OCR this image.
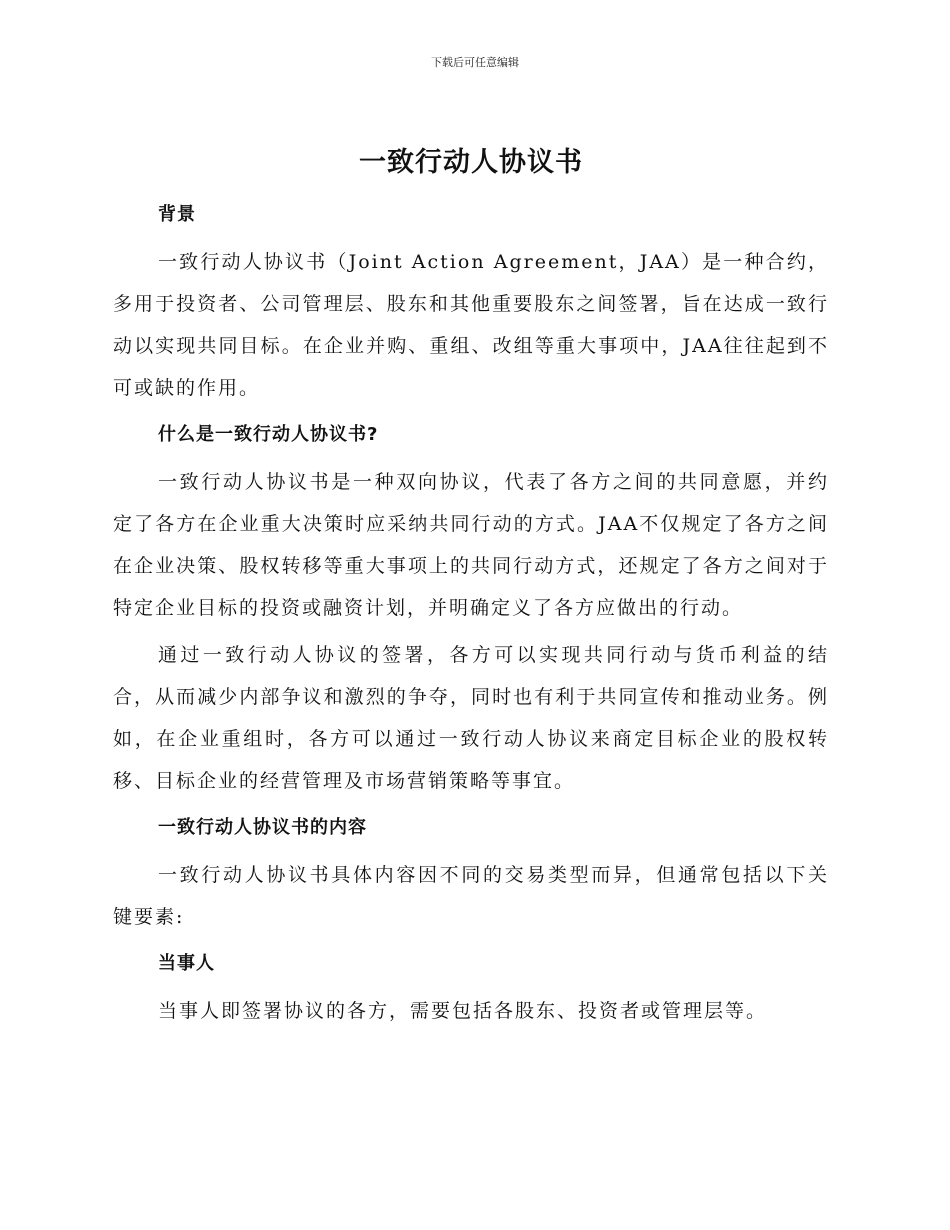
下载后可任意编辑
一致行动人协议书
背景

一致行动人协议书（Joint Action Agreement，JAA）是一种合约，多用于投资者、公司管理层、股东和其他重要股东之间签署，旨在达成一致行动以实现共同目标。在企业并购、重组、改组等重大事项中，JAA往往起到不可或缺的作用。

什么是一致行动人协议书?

一致行动人协议书是一种双向协议，代表了各方之间的共同意愿，并约定了各方在企业重大决策时应采纳共同行动的方式。JAA不仅规定了各方之间在企业决策、股权转移等重大事项上的共同行动方式，还规定了各方之间对于特定企业目标的投资或融资计划，并明确定义了各方应做出的行动。

通过一致行动人协议的签署，各方可以实现共同行动与货币利益的结合，从而减少内部争议和激烈的争夺，同时也有利于共同宣传和推动业务。例如，在企业重组时，各方可以通过一致行动人协议来商定目标企业的股权转移、目标企业的经营管理及市场营销策略等事宜。

一致行动人协议书的内容

一致行动人协议书具体内容因不同的交易类型而异，但通常包括以下关键要素:

当事人

当事人即签署协议的各方，需要包括各股东、投资者或管理层等。
